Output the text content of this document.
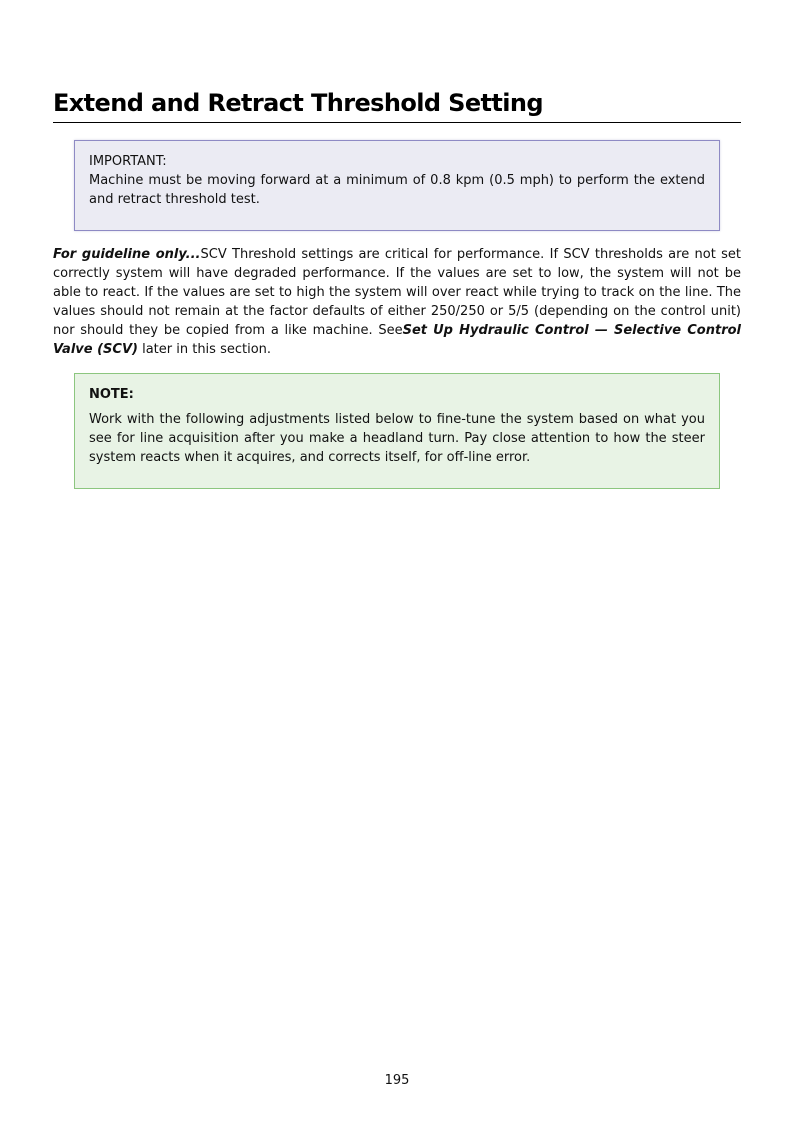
Extend and Retract Threshold Setting
IMPORTANT:
Machine must be moving forward at a minimum of 0.8 kpm (0.5 mph) to perform the extend and retract threshold test.

For guideline only...SCV Threshold settings are critical for performance. If SCV thresholds are not set correctly system will have degraded performance. If the values are set to low, the system will not be able to react. If the values are set to high the system will over react while trying to track on the line. The values should not remain at the factor defaults of either 250/250 or 5/5 (depending on the control unit) nor should they be copied from a like machine. SeeSet Up Hydraulic Control — Selective Control Valve (SCV) later in this section.

NOTE:
Work with the following adjustments listed below to fine-tune the system based on what you see for line acquisition after you make a headland turn. Pay close attention to how the steer system reacts when it acquires, and corrects itself, for off-line error.
195
